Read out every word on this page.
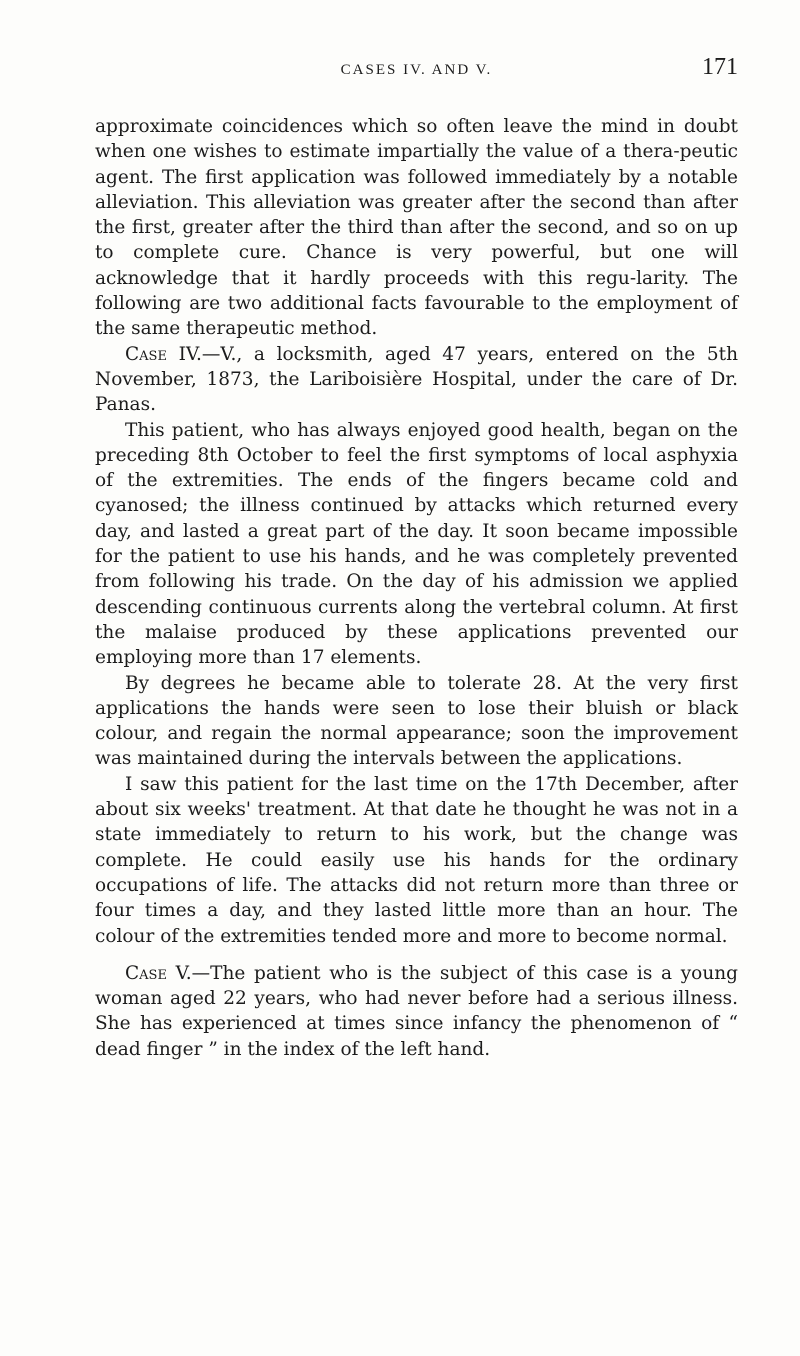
CASES IV. AND V.	171

approximate coincidences which so often leave the mind in doubt when one wishes to estimate impartially the value of a thera-peutic agent. The first application was followed immediately by a notable alleviation. This alleviation was greater after the second than after the first, greater after the third than after the second, and so on up to complete cure. Chance is very powerful, but one will acknowledge that it hardly proceeds with this regu-larity. The following are two additional facts favourable to the employment of the same therapeutic method.

Case IV.—V., a locksmith, aged 47 years, entered on the 5th November, 1873, the Lariboisière Hospital, under the care of Dr. Panas.

This patient, who has always enjoyed good health, began on the preceding 8th October to feel the first symptoms of local asphyxia of the extremities. The ends of the fingers became cold and cyanosed; the illness continued by attacks which returned every day, and lasted a great part of the day. It soon became impossible for the patient to use his hands, and he was completely prevented from following his trade. On the day of his admission we applied descending continuous currents along the vertebral column. At first the malaise produced by these applications prevented our employing more than 17 elements.

By degrees he became able to tolerate 28. At the very first applications the hands were seen to lose their bluish or black colour, and regain the normal appearance; soon the improvement was maintained during the intervals between the applications.

I saw this patient for the last time on the 17th December, after about six weeks' treatment. At that date he thought he was not in a state immediately to return to his work, but the change was complete. He could easily use his hands for the ordinary occupations of life. The attacks did not return more than three or four times a day, and they lasted little more than an hour. The colour of the extremities tended more and more to become normal.

Case V.—The patient who is the subject of this case is a young woman aged 22 years, who had never before had a serious illness. She has experienced at times since infancy the phenomenon of “ dead finger ” in the index of the left hand.
